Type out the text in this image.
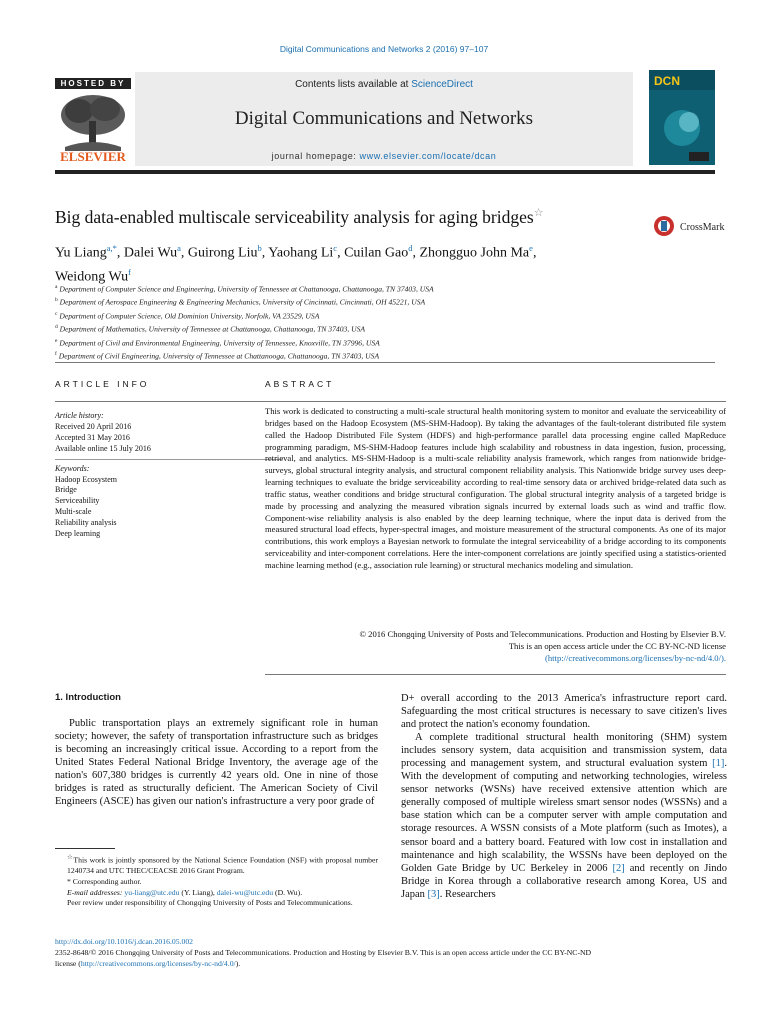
Digital Communications and Networks 2 (2016) 97–107
HOSTED BY
ELSEVIER
Contents lists available at ScienceDirect
Digital Communications and Networks
journal homepage: www.elsevier.com/locate/dcan
DCN
Big data-enabled multiscale serviceability analysis for aging bridges☆
CrossMark
Yu Liang$^{a,*}$, Dalei Wu$^a$, Guirong Liu$^b$, Yaohang Li$^c$, Cuilan Gao$^d$, Zhongguo John Ma$^e$,
Weidong Wu$^f$
$^a$ Department of Computer Science and Engineering, University of Tennessee at Chattanooga, Chattanooga, TN 37403, USA
$^b$ Department of Aerospace Engineering & Engineering Mechanics, University of Cincinnati, Cincinnati, OH 45221, USA
$^c$ Department of Computer Science, Old Dominion University, Norfolk, VA 23529, USA
$^d$ Department of Mathematics, University of Tennessee at Chattanooga, Chattanooga, TN 37403, USA
$^e$ Department of Civil and Environmental Engineering, University of Tennessee, Knoxville, TN 37996, USA
$^f$ Department of Civil Engineering, University of Tennessee at Chattanooga, Chattanooga, TN 37403, USA
ARTICLE INFO
Article history:
Received 20 April 2016
Accepted 31 May 2016
Available online 15 July 2016
Keywords:
Hadoop Ecosystem
Bridge
Serviceability
Multi-scale
Reliability analysis
Deep learning
ABSTRACT
This work is dedicated to constructing a multi-scale structural health monitoring system to monitor and evaluate the serviceability of bridges based on the Hadoop Ecosystem (MS-SHM-Hadoop). By taking the advantages of the fault-tolerant distributed file system called the Hadoop Distributed File System (HDFS) and high-performance parallel data processing engine called MapReduce programming paradigm, MS-SHM-Hadoop features include high scalability and robustness in data ingestion, fusion, processing, retrieval, and analytics. MS-SHM-Hadoop is a multi-scale reliability analysis framework, which ranges from nationwide bridge-surveys, global structural integrity analysis, and structural component reliability analysis. This Nationwide bridge survey uses deep-learning techniques to evaluate the bridge serviceability according to real-time sensory data or archived bridge-related data such as traffic status, weather conditions and bridge structural configuration. The global structural integrity analysis of a targeted bridge is made by processing and analyzing the measured vibration signals incurred by external loads such as wind and traffic flow. Component-wise reliability analysis is also enabled by the deep learning technique, where the input data is derived from the measured structural load effects, hyper-spectral images, and moisture measurement of the structural components. As one of its major contributions, this work employs a Bayesian network to formulate the integral serviceability of a bridge according to its components serviceability and inter-component correlations. Here the inter-component correlations are jointly specified using a statistics-oriented machine learning method (e.g., association rule learning) or structural mechanics modeling and simulation.
© 2016 Chongqing University of Posts and Telecommunications. Production and Hosting by Elsevier B.V.
This is an open access article under the CC BY-NC-ND license
(http://creativecommons.org/licenses/by-nc-nd/4.0/).
1. Introduction

Public transportation plays an extremely significant role in human society; however, the safety of transportation infrastructure such as bridges is becoming an increasingly critical issue. According to a report from the United States Federal National Bridge Inventory, the average age of the nation's 607,380 bridges is currently 42 years old. One in nine of those bridges is rated as structurally deficient. The American Society of Civil Engineers (ASCE) has given our nation's infrastructure a very poor grade of

☆This work is jointly sponsored by the National Science Foundation (NSF) with proposal number 1240734 and UTC THEC/CEACSE 2016 Grant Program.
* Corresponding author.
E-mail addresses: yu-liang@utc.edu (Y. Liang), dalei-wu@utc.edu (D. Wu).
Peer review under responsibility of Chongqing University of Posts and Telecommunications.
D+ overall according to the 2013 America's infrastructure report card. Safeguarding the most critical structures is necessary to save citizen's lives and protect the nation's economy foundation.

A complete traditional structural health monitoring (SHM) system includes sensory system, data acquisition and transmission system, data processing and management system, and structural evaluation system [1]. With the development of computing and networking technologies, wireless sensor networks (WSNs) have received extensive attention which are generally composed of multiple wireless smart sensor nodes (WSSNs) and a base station which can be a computer server with ample computation and storage resources. A WSSN consists of a Mote platform (such as Imotes), a sensor board and a battery board. Featured with low cost in installation and maintenance and high scalability, the WSSNs have been deployed on the Golden Gate Bridge by UC Berkeley in 2006 [2] and recently on Jindo Bridge in Korea through a collaborative research among Korea, US and Japan [3]. Researchers

http://dx.doi.org/10.1016/j.dcan.2016.05.002
2352-8648/© 2016 Chongqing University of Posts and Telecommunications. Production and Hosting by Elsevier B.V. This is an open access article under the CC BY-NC-ND
license (http://creativecommons.org/licenses/by-nc-nd/4.0/).
